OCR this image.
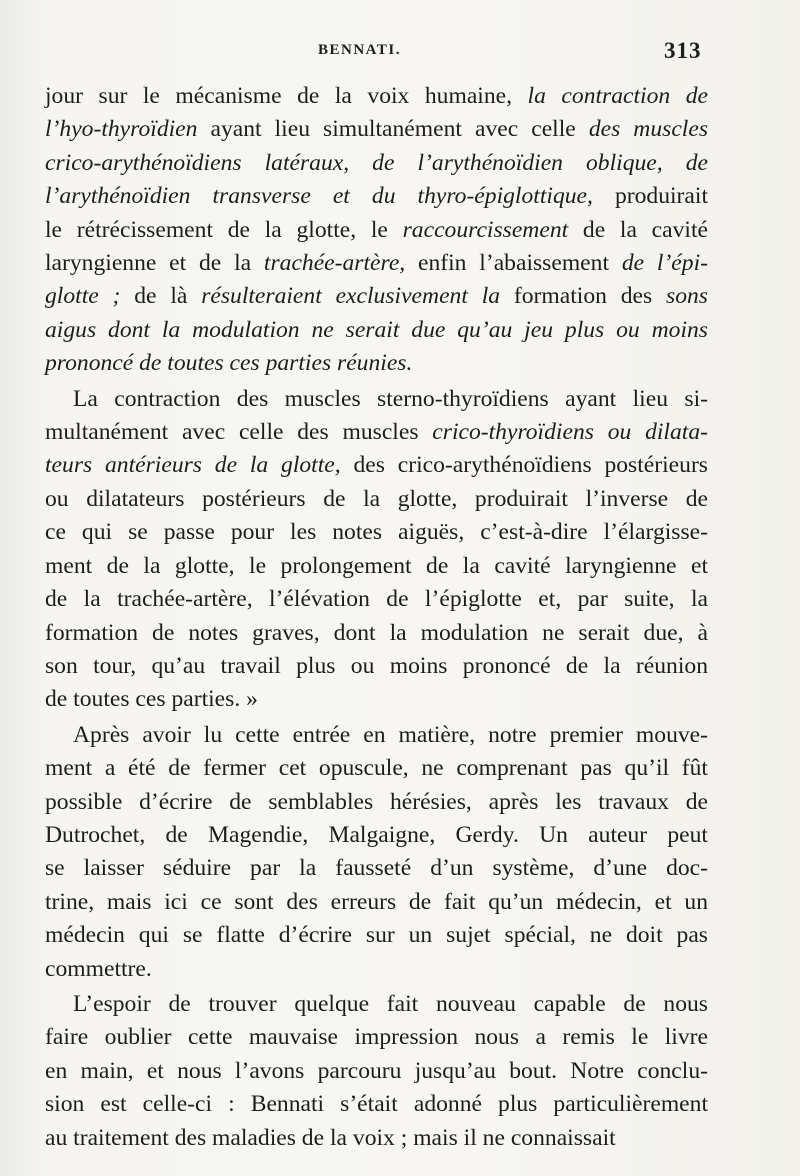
BENNATI.	313
jour sur le mécanisme de la voix humaine, la contraction de
l’hyo-thyroïdien ayant lieu simultanément avec celle des muscles
crico-arythénoïdiens latéraux, de l’arythénoïdien oblique, de
l’arythénoïdien transverse et du thyro-épiglottique, produirait
le rétrécissement de la glotte, le raccourcissement de la cavité
laryngienne et de la trachée-artère, enfin l’abaissement de l’épi-
glotte ; de là résulteraient exclusivement la formation des sons
aigus dont la modulation ne serait due qu’au jeu plus ou moins
prononcé de toutes ces parties réunies.
La contraction des muscles sterno-thyroïdiens ayant lieu si-
multanément avec celle des muscles crico-thyroïdiens ou dilata-
teurs antérieurs de la glotte, des crico-arythénoïdiens postérieurs
ou dilatateurs postérieurs de la glotte, produirait l’inverse de
ce qui se passe pour les notes aiguës, c’est-à-dire l’élargisse-
ment de la glotte, le prolongement de la cavité laryngienne et
de la trachée-artère, l’élévation de l’épiglotte et, par suite, la
formation de notes graves, dont la modulation ne serait due, à
son tour, qu’au travail plus ou moins prononcé de la réunion
de toutes ces parties. »
Après avoir lu cette entrée en matière, notre premier mouve-
ment a été de fermer cet opuscule, ne comprenant pas qu’il fût
possible d’écrire de semblables hérésies, après les travaux de
Dutrochet, de Magendie, Malgaigne, Gerdy. Un auteur peut
se laisser séduire par la fausseté d’un système, d’une doc-
trine, mais ici ce sont des erreurs de fait qu’un médecin, et un
médecin qui se flatte d’écrire sur un sujet spécial, ne doit pas
commettre.
L’espoir de trouver quelque fait nouveau capable de nous
faire oublier cette mauvaise impression nous a remis le livre
en main, et nous l’avons parcouru jusqu’au bout. Notre conclu-
sion est celle-ci : Bennati s’était adonné plus particulièrement
au traitement des maladies de la voix ; mais il ne connaissait
